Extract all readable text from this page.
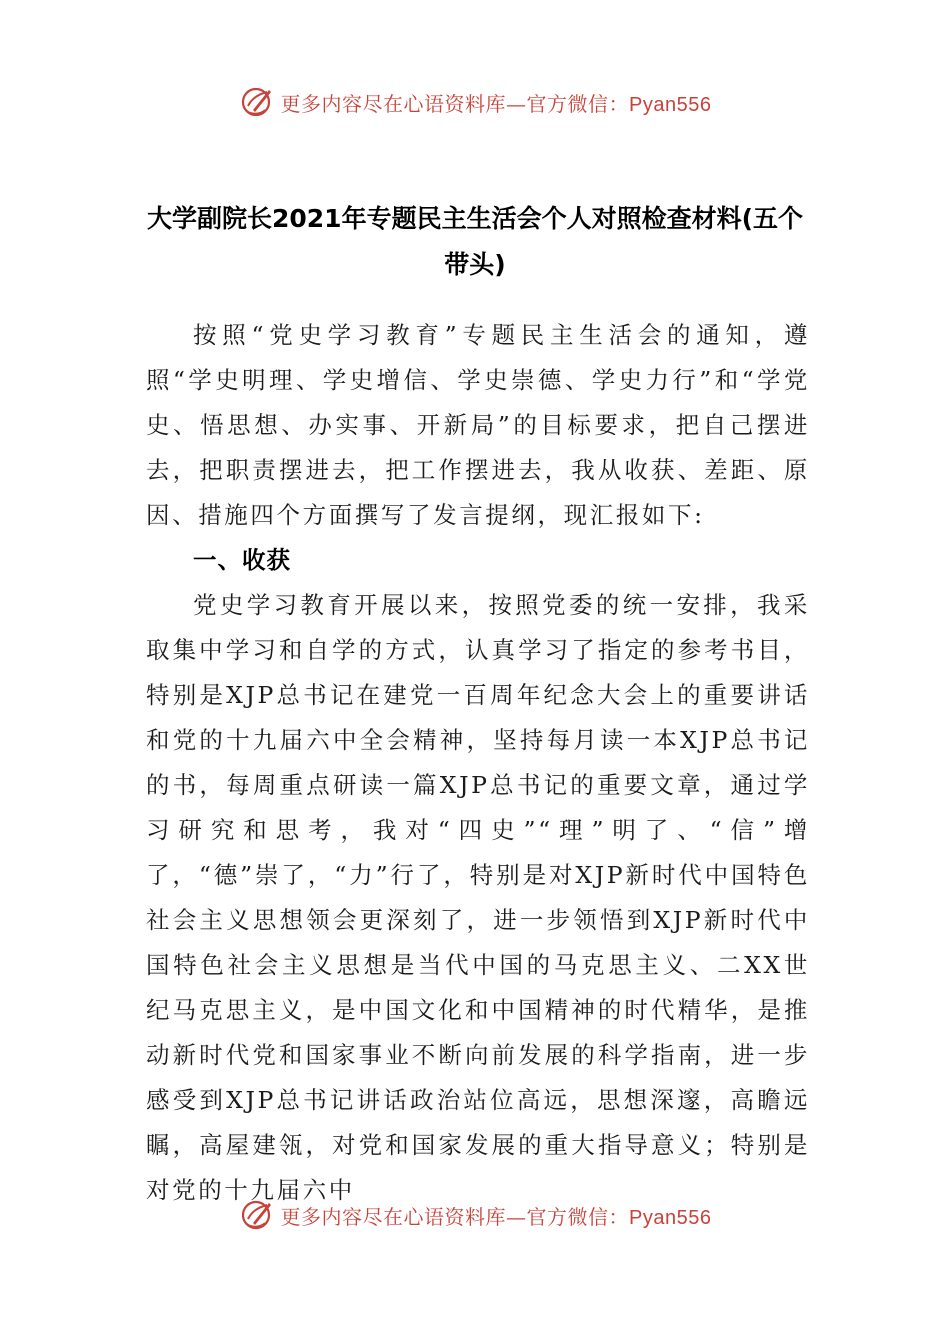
更多内容尽在心语资料库—官方微信：Pyan556
大学副院长2021年专题民主生活会个人对照检查材料(五个带头)

按照“党史学习教育”专题民主生活会的通知，遵照“学史明理、学史增信、学史崇德、学史力行”和“学党史、悟思想、办实事、开新局”的目标要求，把自己摆进去，把职责摆进去，把工作摆进去，我从收获、差距、原因、措施四个方面撰写了发言提纲，现汇报如下:

一、收获

党史学习教育开展以来，按照党委的统一安排，我采取集中学习和自学的方式，认真学习了指定的参考书目，特别是XJP总书记在建党一百周年纪念大会上的重要讲话和党的十九届六中全会精神，坚持每月读一本XJP总书记的书，每周重点研读一篇XJP总书记的重要文章，通过学习研究和思考，我对“四史”“理”明了、“信”增了，“德”崇了，“力”行了，特别是对XJP新时代中国特色社会主义思想领会更深刻了，进一步领悟到XJP新时代中国特色社会主义思想是当代中国的马克思主义、二XX世纪马克思主义，是中国文化和中国精神的时代精华，是推动新时代党和国家事业不断向前发展的科学指南，进一步感受到XJP总书记讲话政治站位高远，思想深邃，高瞻远瞩，高屋建瓴，对党和国家发展的重大指导意义；特别是对党的十九届六中

更多内容尽在心语资料库—官方微信：Pyan556
